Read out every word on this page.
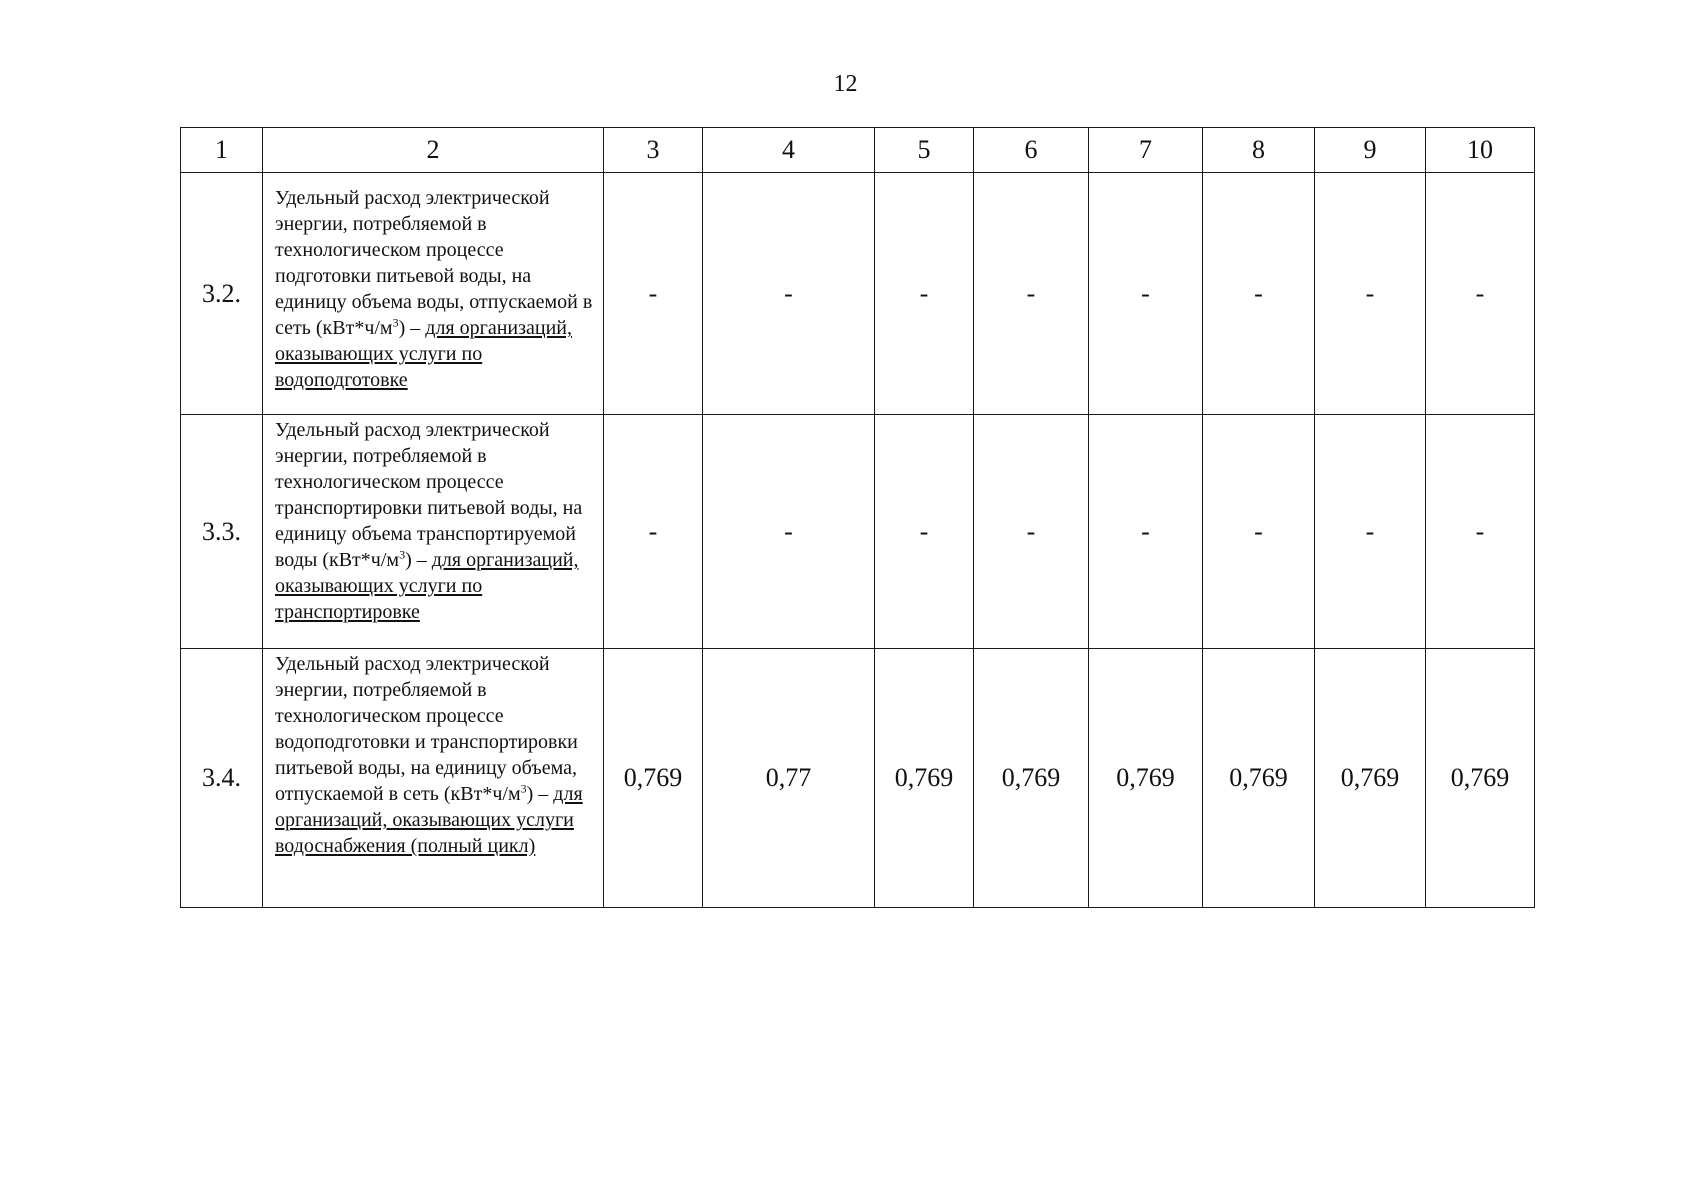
12
1	2	3	4	5	6	7	8	9	10
3.2.	Удельный расход электрической энергии, потребляемой в технологическом процессе подготовки питьевой воды, на единицу объема воды, отпускаемой в сеть $(кВт*ч/м^3)$ – для организаций, оказывающих услуги по водоподготовке	-	-	-	-	-	-	-	-
3.3.	Удельный расход электрической энергии, потребляемой в технологическом процессе транспортировки питьевой воды, на единицу объема транспортируемой воды $(кВт*ч/м^3)$ – для организаций, оказывающих услуги по транспортировке	-	-	-	-	-	-	-	-
3.4.	Удельный расход электрической энергии, потребляемой в технологическом процессе водоподготовки и транспортировки питьевой воды, на единицу объема, отпускаемой в сеть $(кВт*ч/м^3)$ – для организаций, оказывающих услуги водоснабжения (полный цикл)	0,769	0,77	0,769	0,769	0,769	0,769	0,769	0,769
